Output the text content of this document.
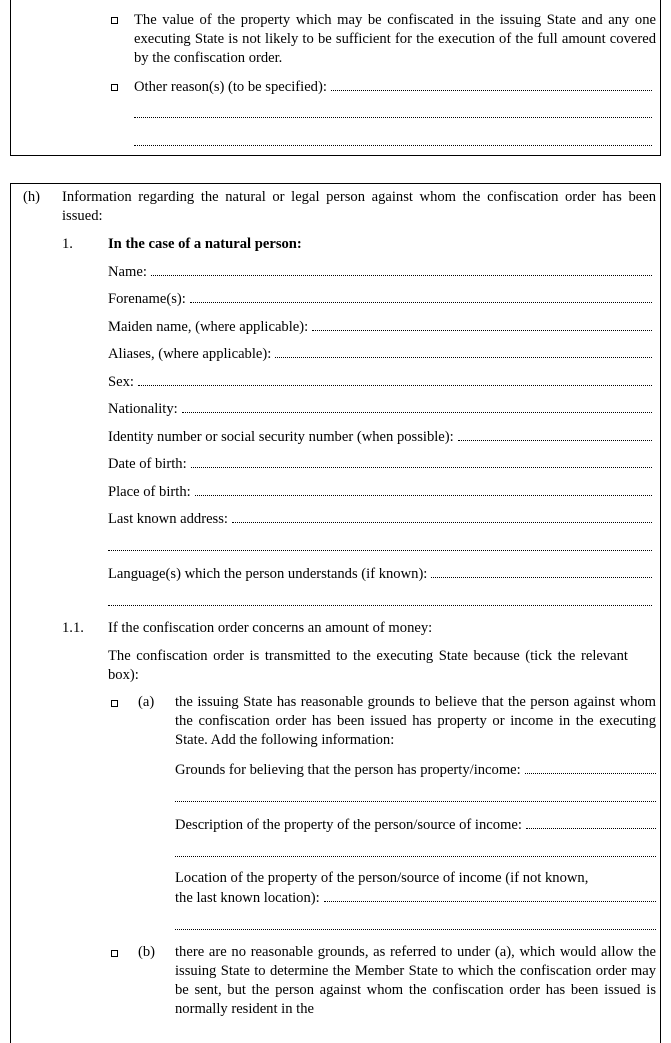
The value of the property which may be confiscated in the issuing State and any one executing State is not likely to be sufficient for the execution of the full amount covered by the confiscation order.
Other reason(s) (to be specified):
(h) Information regarding the natural or legal person against whom the confiscation order has been issued:
1. In the case of a natural person:
Name:
Forename(s):
Maiden name, (where applicable):
Aliases, (where applicable):
Sex:
Nationality:
Identity number or social security number (when possible):
Date of birth:
Place of birth:
Last known address:
Language(s) which the person understands (if known):
1.1. If the confiscation order concerns an amount of money:
The confiscation order is transmitted to the executing State because (tick the relevant box):
(a) the issuing State has reasonable grounds to believe that the person against whom the confiscation order has been issued has property or income in the executing State. Add the following information:
Grounds for believing that the person has property/income:
Description of the property of the person/source of income:
Location of the property of the person/source of income (if not known,
the last known location):
(b) there are no reasonable grounds, as referred to under (a), which would allow the issuing State to determine the Member State to which the confiscation order may be sent, but the person against whom the confiscation order has been issued is normally resident in the
